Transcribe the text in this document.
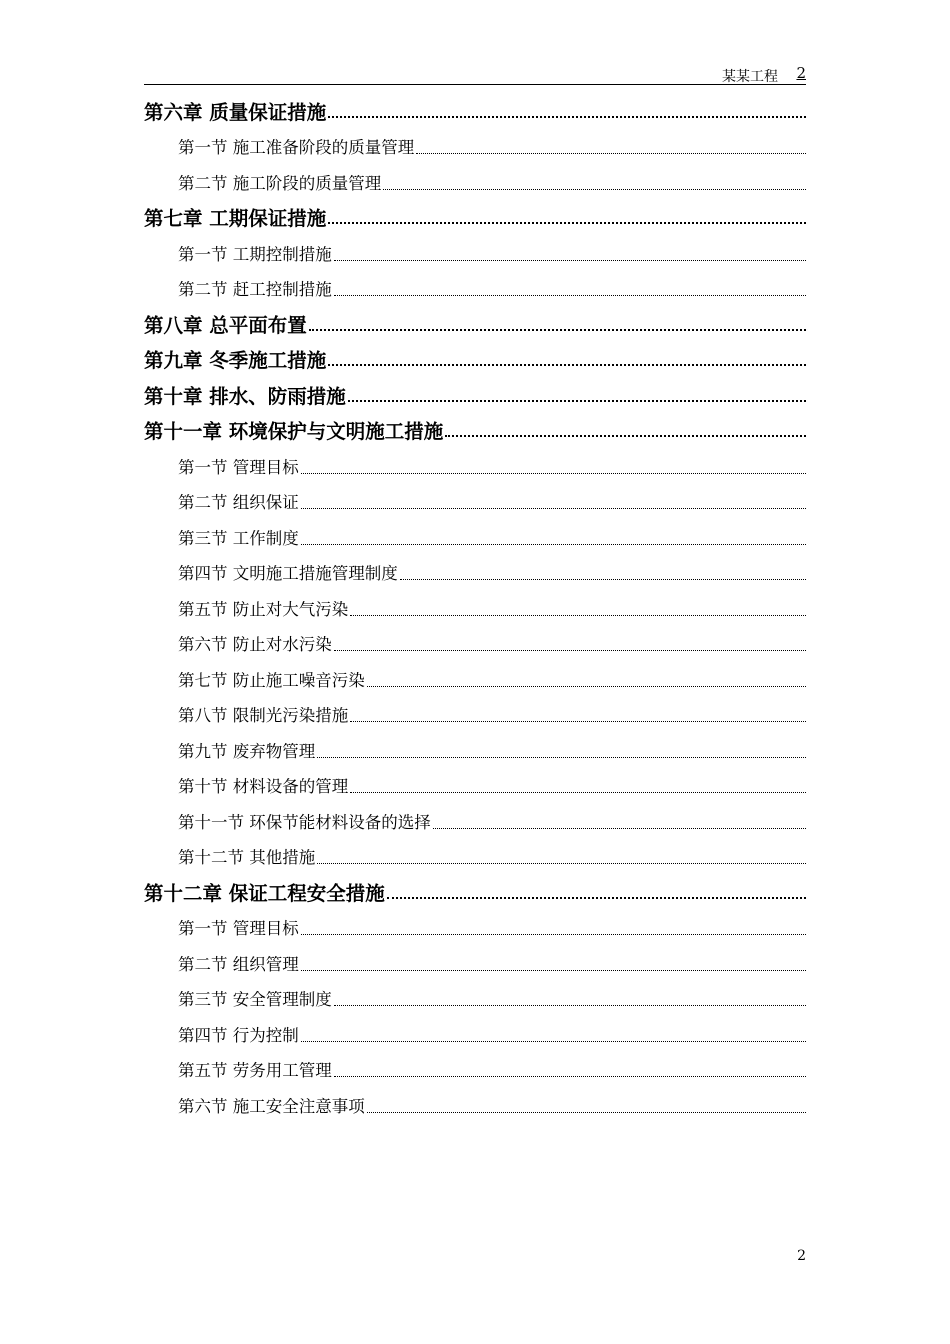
某某工程 2
第六章 质量保证措施
第一节 施工准备阶段的质量管理
第二节 施工阶段的质量管理
第七章 工期保证措施
第一节 工期控制措施
第二节 赶工控制措施
第八章 总平面布置
第九章 冬季施工措施
第十章 排水、防雨措施
第十一章 环境保护与文明施工措施
第一节 管理目标
第二节 组织保证
第三节 工作制度
第四节 文明施工措施管理制度
第五节 防止对大气污染
第六节 防止对水污染
第七节 防止施工噪音污染
第八节 限制光污染措施
第九节 废弃物管理
第十节 材料设备的管理
第十一节 环保节能材料设备的选择
第十二节 其他措施
第十二章 保证工程安全措施
第一节 管理目标
第二节 组织管理
第三节 安全管理制度
第四节 行为控制
第五节 劳务用工管理
第六节 施工安全注意事项
2
